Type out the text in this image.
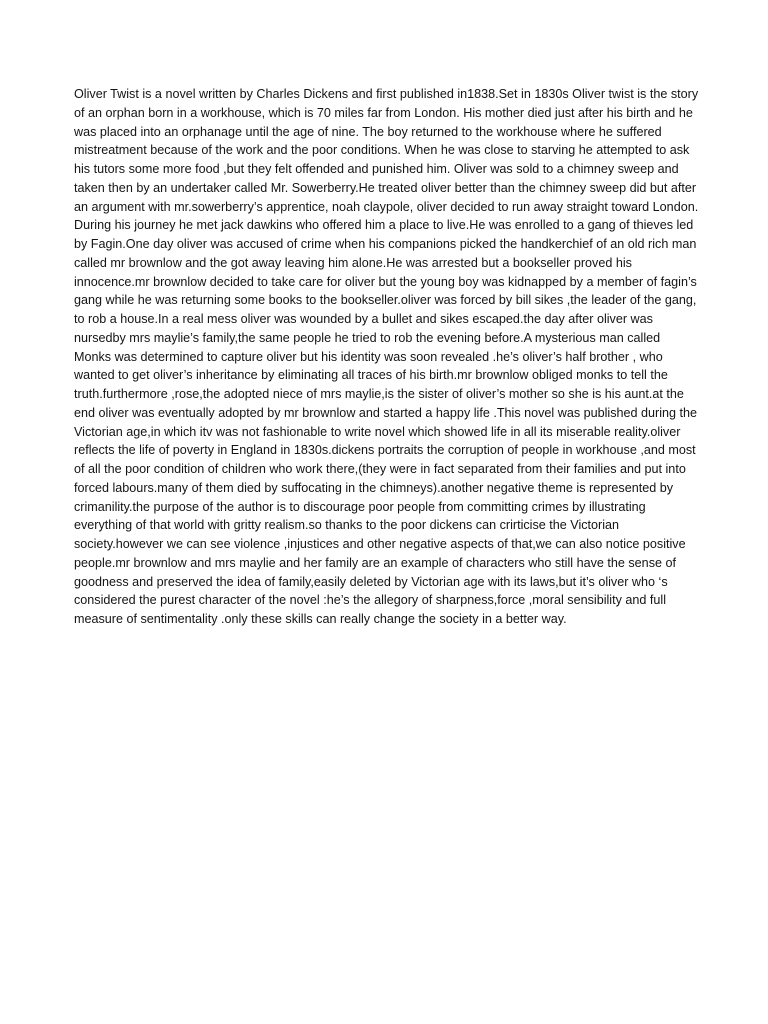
Oliver Twist is a novel written by Charles Dickens and first published in1838.Set in 1830s Oliver twist is the story of an orphan born in a workhouse, which is 70 miles far from London. His mother died just after his birth and he was placed into an orphanage until the age of nine. The boy returned to the workhouse where he suffered mistreatment because of the work and the poor conditions. When he was close to starving he attempted to ask his tutors some more food ,but they felt offended and punished him. Oliver was sold to a chimney sweep and taken then by an undertaker called Mr. Sowerberry.He treated oliver better than the chimney sweep did but after an argument with mr.sowerberry’s apprentice, noah claypole, oliver decided to run away straight toward London. During his journey he met jack dawkins who offered him a place to live.He was enrolled to a gang of thieves led by Fagin.One day oliver was accused of crime when his companions picked the handkerchief of an old rich man called mr brownlow and the got away leaving him alone.He was arrested but a bookseller proved his innocence.mr brownlow decided to take care for oliver but the young boy was kidnapped by a member of fagin’s gang while he was returning some books to the bookseller.oliver was forced by bill sikes ,the leader of the gang, to rob a house.In a real mess oliver was wounded by a bullet and sikes escaped.the day after oliver was nursedby mrs maylie’s family,the same people he tried to rob the evening before.A mysterious man called Monks was determined to capture oliver but his identity was soon revealed .he’s oliver’s half brother , who wanted to get oliver’s inheritance by eliminating all traces of his birth.mr brownlow obliged monks to tell the truth.furthermore ,rose,the adopted niece of mrs maylie,is the sister of oliver’s mother so she is his aunt.at the end oliver was eventually adopted by mr brownlow and started a happy life .This novel was published during the Victorian age,in which itv was not fashionable to write novel which showed life in all its miserable reality.oliver reflects the life of poverty in England in 1830s.dickens portraits the corruption of people in workhouse ,and most of all the poor condition of children who work there,(they were in fact separated from their families and put into forced labours.many of them died by suffocating in the chimneys).another negative theme is represented by crimanility.the purpose of the author is to discourage poor people from committing crimes by illustrating everything of that world with gritty realism.so thanks to the poor dickens can crirticise the Victorian society.however we can see violence ,injustices and other negative aspects of that,we can also notice positive people.mr brownlow and mrs maylie and her family are an example of characters who still have the sense of goodness and preserved the idea of family,easily deleted by Victorian age with its laws,but it’s oliver who ‘s considered the purest character of the novel :he’s the allegory of sharpness,force ,moral sensibility and full measure of sentimentality .only these skills can really change the society in a better way.
